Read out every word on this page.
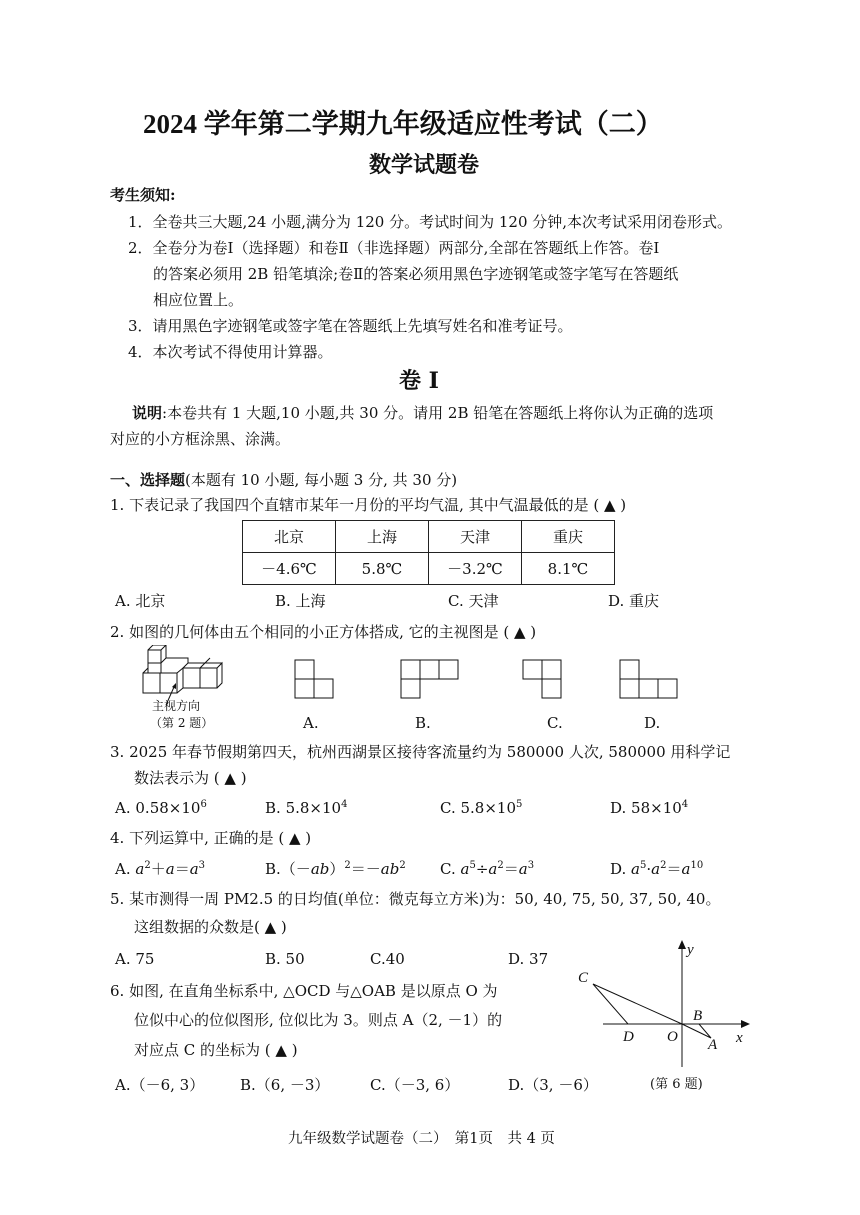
2024 学年第二学期九年级适应性考试（二）
数学试题卷
考生须知:
1．全卷共三大题,24 小题,满分为 120 分。考试时间为 120 分钟,本次考试采用闭卷形式。
2．全卷分为卷Ⅰ（选择题）和卷Ⅱ（非选择题）两部分,全部在答题纸上作答。卷Ⅰ
的答案必须用 2B 铅笔填涂;卷Ⅱ的答案必须用黑色字迹钢笔或签字笔写在答题纸
相应位置上。
3．请用黑色字迹钢笔或签字笔在答题纸上先填写姓名和准考证号。
4．本次考试不得使用计算器。
卷 Ⅰ
说明:本卷共有 1 大题,10 小题,共 30 分。请用 2B 铅笔在答题纸上将你认为正确的选项
对应的小方框涂黑、涂满。
一、选择题(本题有 10 小题, 每小题 3 分, 共 30 分)
1. 下表记录了我国四个直辖市某年一月份的平均气温, 其中气温最低的是 ( ▲ )
北京	上海	天津	重庆
－4.6℃	5.8℃	－3.2℃	8.1℃
A. 北京	B. 上海	C. 天津	D. 重庆
2. 如图的几何体由五个相同的小正方体搭成, 它的主视图是 ( ▲ )
主视方向
（第 2 题）	A.	B.	C.	D.
3. 2025 年春节假期第四天，杭州西湖景区接待客流量约为 580000 人次, 580000 用科学记
数法表示为 ( ▲ )
A. $0.58\times 10^6$	B. $5.8\times 10^4$	C. $5.8\times 10^5$	D. $58\times 10^4$
4. 下列运算中, 正确的是 ( ▲ )
A. $a^2+a=a^3$	$B.(-ab)^2=-ab^2$ C. $a^5\div a^2=a^3$	D. $a^5\cdot a^2=a^{10}$
5. 某市测得一周 PM2.5 的日均值(单位：微克每立方米)为：50, 40, 75, 50, 37, 50, 40。
这组数据的众数是( ▲ )
A. 75	B. 50	C.40	D. 37
6. 如图, 在直角坐标系中, △OCD 与△OAB 是以原点 O 为
位似中心的位似图形, 位似比为 3。则点 A（2, －1）的
对应点 C 的坐标为 ( ▲ )
A.（－6, 3） B.（6, －3）	C.（－3, 6）	D.（3, －6）
y
x
C
D O
B
A
(第 6 题)
九年级数学试题卷（二）　第1页　共 4 页
